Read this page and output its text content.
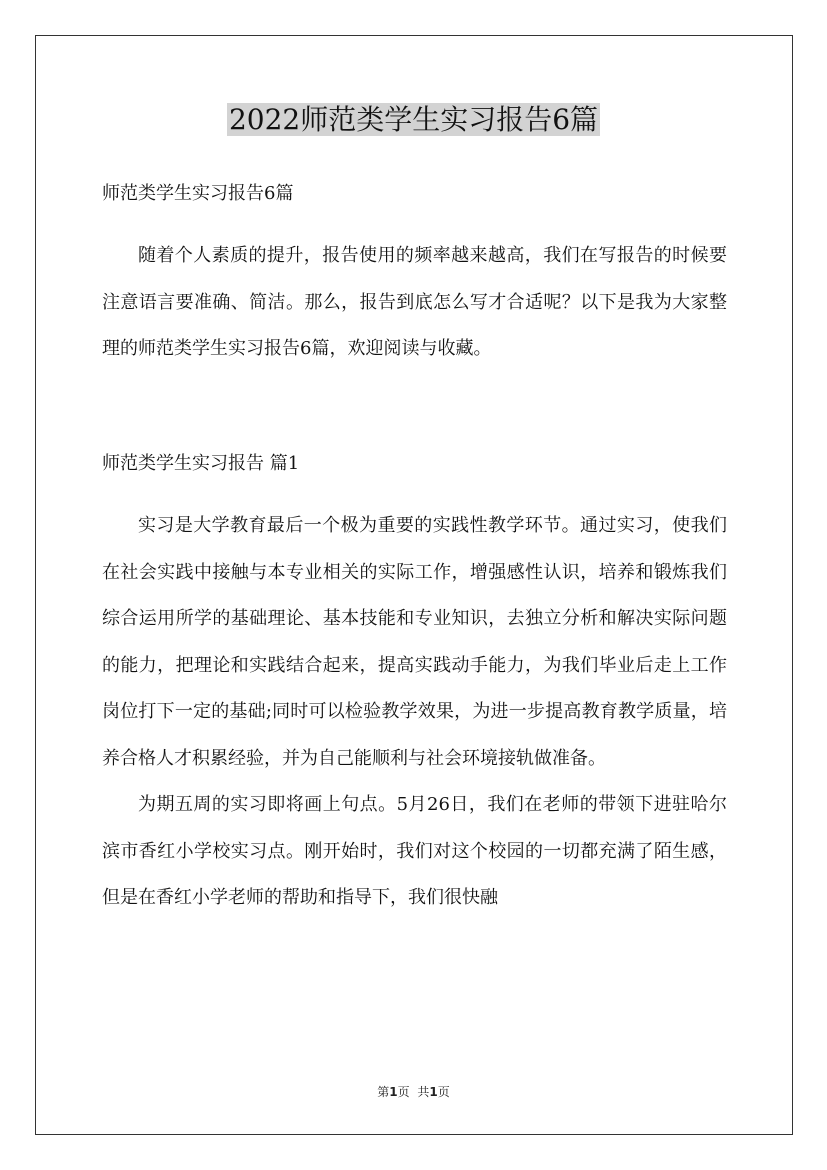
2022师范类学生实习报告6篇
师范类学生实习报告6篇

随着个人素质的提升，报告使用的频率越来越高，我们在写报告的时候要注意语言要准确、简洁。那么，报告到底怎么写才合适呢？以下是我为大家整理的师范类学生实习报告6篇，欢迎阅读与收藏。

师范类学生实习报告 篇1

实习是大学教育最后一个极为重要的实践性教学环节。通过实习，使我们在社会实践中接触与本专业相关的实际工作，增强感性认识，培养和锻炼我们综合运用所学的基础理论、基本技能和专业知识，去独立分析和解决实际问题的能力，把理论和实践结合起来，提高实践动手能力，为我们毕业后走上工作岗位打下一定的基础;同时可以检验教学效果，为进一步提高教育教学质量，培养合格人才积累经验，并为自己能顺利与社会环境接轨做准备。

为期五周的实习即将画上句点。5月26日，我们在老师的带领下进驻哈尔滨市香红小学校实习点。刚开始时，我们对这个校园的一切都充满了陌生感，但是在香红小学老师的帮助和指导下，我们很快融

第1页 共1页
